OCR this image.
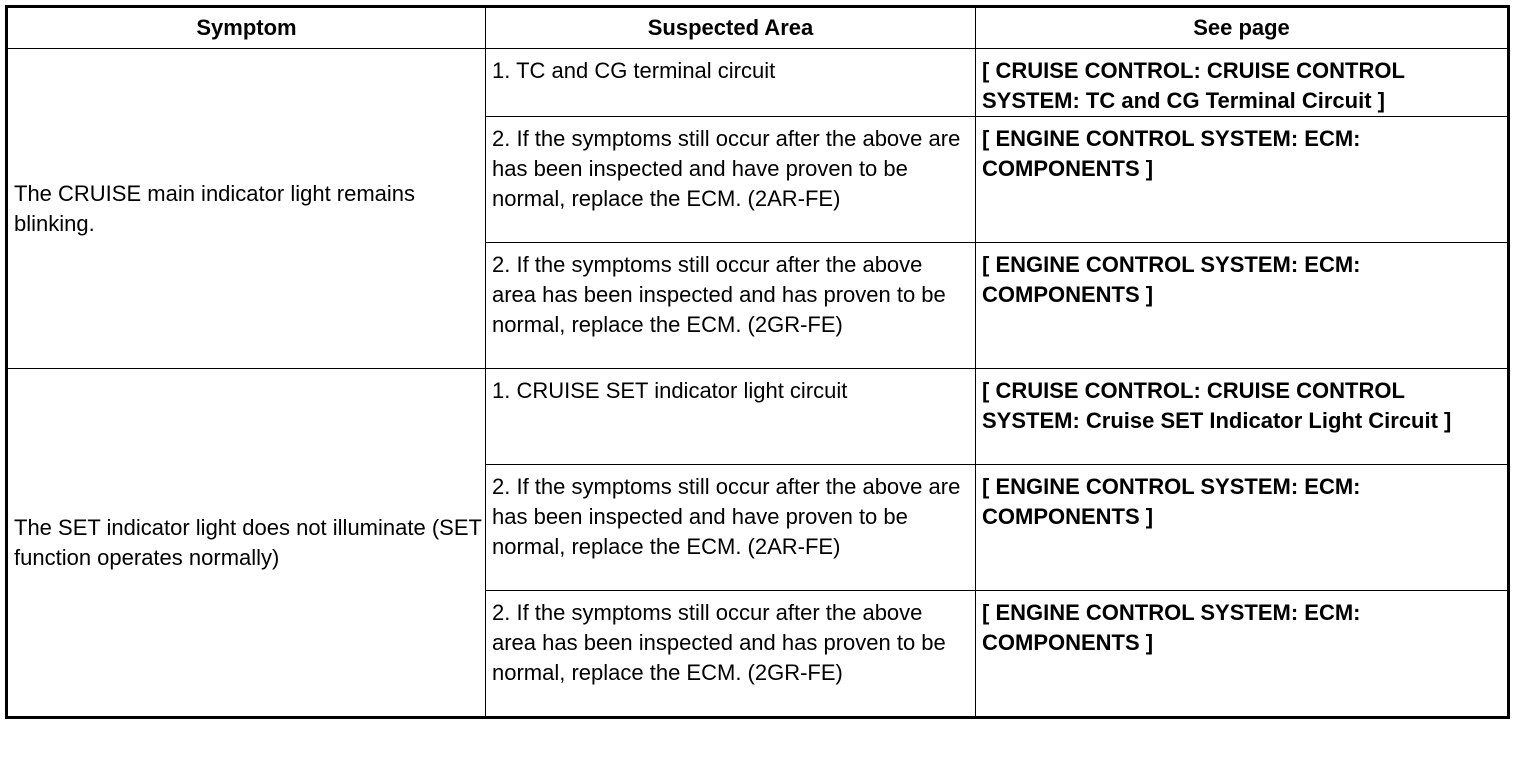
Symptom	Suspected Area	See page
The CRUISE main indicator light remains blinking.	1. TC and CG terminal circuit	[ CRUISE CONTROL: CRUISE CONTROL SYSTEM: TC and CG Terminal Circuit ]
	2. If the symptoms still occur after the above are has been inspected and have proven to be normal, replace the ECM. (2AR-FE)	[ ENGINE CONTROL SYSTEM: ECM: COMPONENTS ]
	2. If the symptoms still occur after the above area has been inspected and has proven to be normal, replace the ECM. (2GR-FE)	[ ENGINE CONTROL SYSTEM: ECM: COMPONENTS ]
The SET indicator light does not illuminate (SET function operates normally)	1. CRUISE SET indicator light circuit	[ CRUISE CONTROL: CRUISE CONTROL SYSTEM: Cruise SET Indicator Light Circuit ]
	2. If the symptoms still occur after the above are has been inspected and have proven to be normal, replace the ECM. (2AR-FE)	[ ENGINE CONTROL SYSTEM: ECM: COMPONENTS ]
	2. If the symptoms still occur after the above area has been inspected and has proven to be normal, replace the ECM. (2GR-FE)	[ ENGINE CONTROL SYSTEM: ECM: COMPONENTS ]
